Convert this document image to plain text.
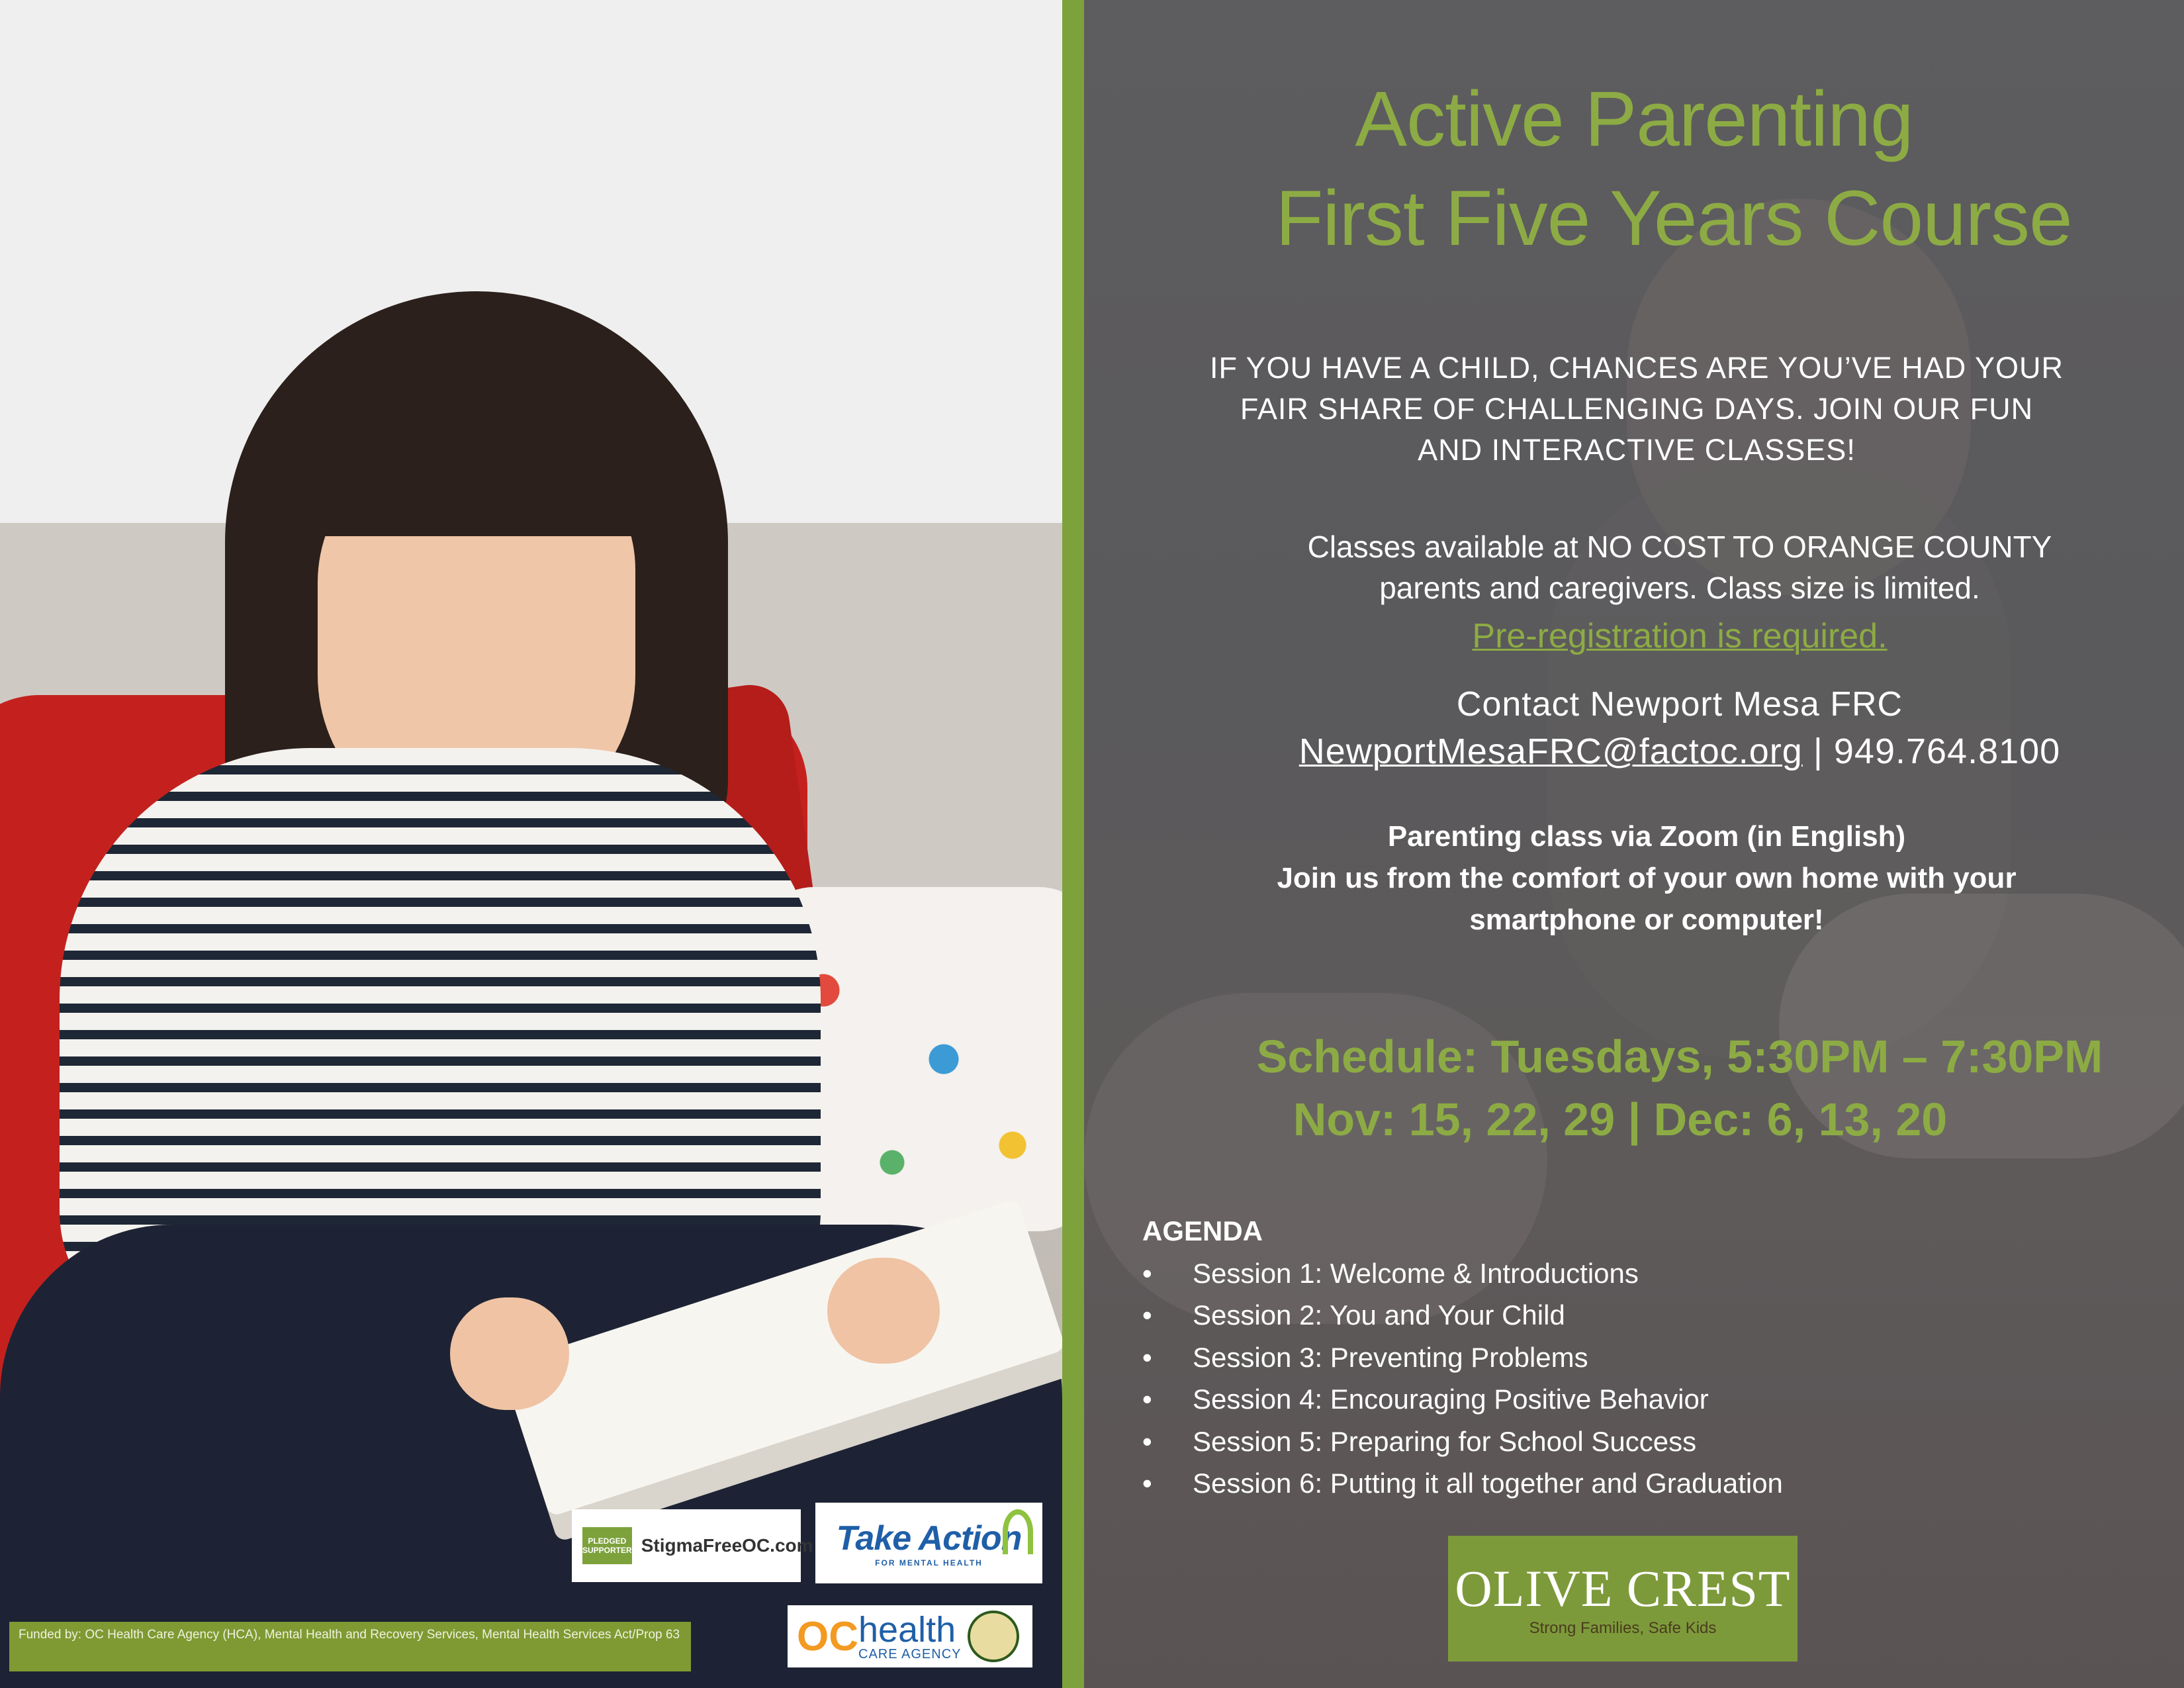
PLEDGED SUPPORTER StigmaFreeOC.com Take Action
FOR MENTAL HEALTH
OC health
CARE AGENCY
Funded by: OC Health Care Agency (HCA), Mental Health and Recovery Services, Mental Health Services Act/Prop 63
Active Parenting
First Five Years Course
IF YOU HAVE A CHILD, CHANCES ARE YOU’VE HAD YOUR
FAIR SHARE OF CHALLENGING DAYS. JOIN OUR FUN
AND INTERACTIVE CLASSES!
Classes available at NO COST TO ORANGE COUNTY
parents and caregivers. Class size is limited.
Pre-registration is required.
Contact Newport Mesa FRC
NewportMesaFRC@factoc.org | 949.764.8100
Parenting class via Zoom (in English)
Join us from the comfort of your own home with your
smartphone or computer!
Schedule: Tuesdays, 5:30PM – 7:30PM
Nov: 15, 22, 29 | Dec: 6, 13, 20
AGENDA
• Session 1: Welcome & Introductions
• Session 2: You and Your Child
• Session 3: Preventing Problems
• Session 4: Encouraging Positive Behavior
• Session 5: Preparing for School Success
• Session 6: Putting it all together and Graduation
OLIVE CREST
Strong Families, Safe Kids
